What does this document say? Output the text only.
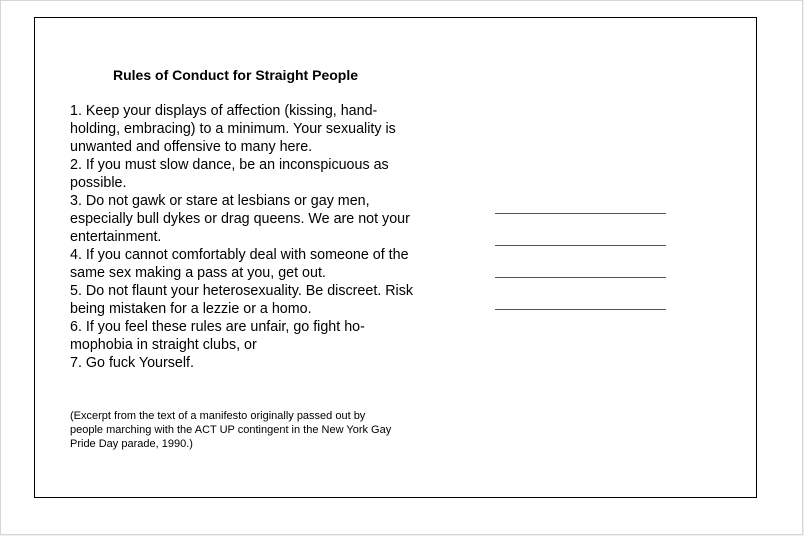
Rules of Conduct for Straight People
1. Keep your displays of affection (kissing, hand-holding, embracing) to a minimum. Your sexuality is unwanted and offensive to many here.
2. If you must slow dance, be an inconspicuous as possible.
3. Do not gawk or stare at lesbians or gay men, especially bull dykes or drag queens. We are not your entertainment.
4. If you cannot comfortably deal with someone of the same sex making a pass at you, get out.
5. Do not flaunt your heterosexuality. Be discreet. Risk being mistaken for a lezzie or a homo.
6. If you feel these rules are unfair, go fight ho-mophobia in straight clubs, or
7. Go fuck Yourself.
(Excerpt from the text of a manifesto originally passed out by people marching with the ACT UP contingent in the New York Gay Pride Day parade, 1990.)
